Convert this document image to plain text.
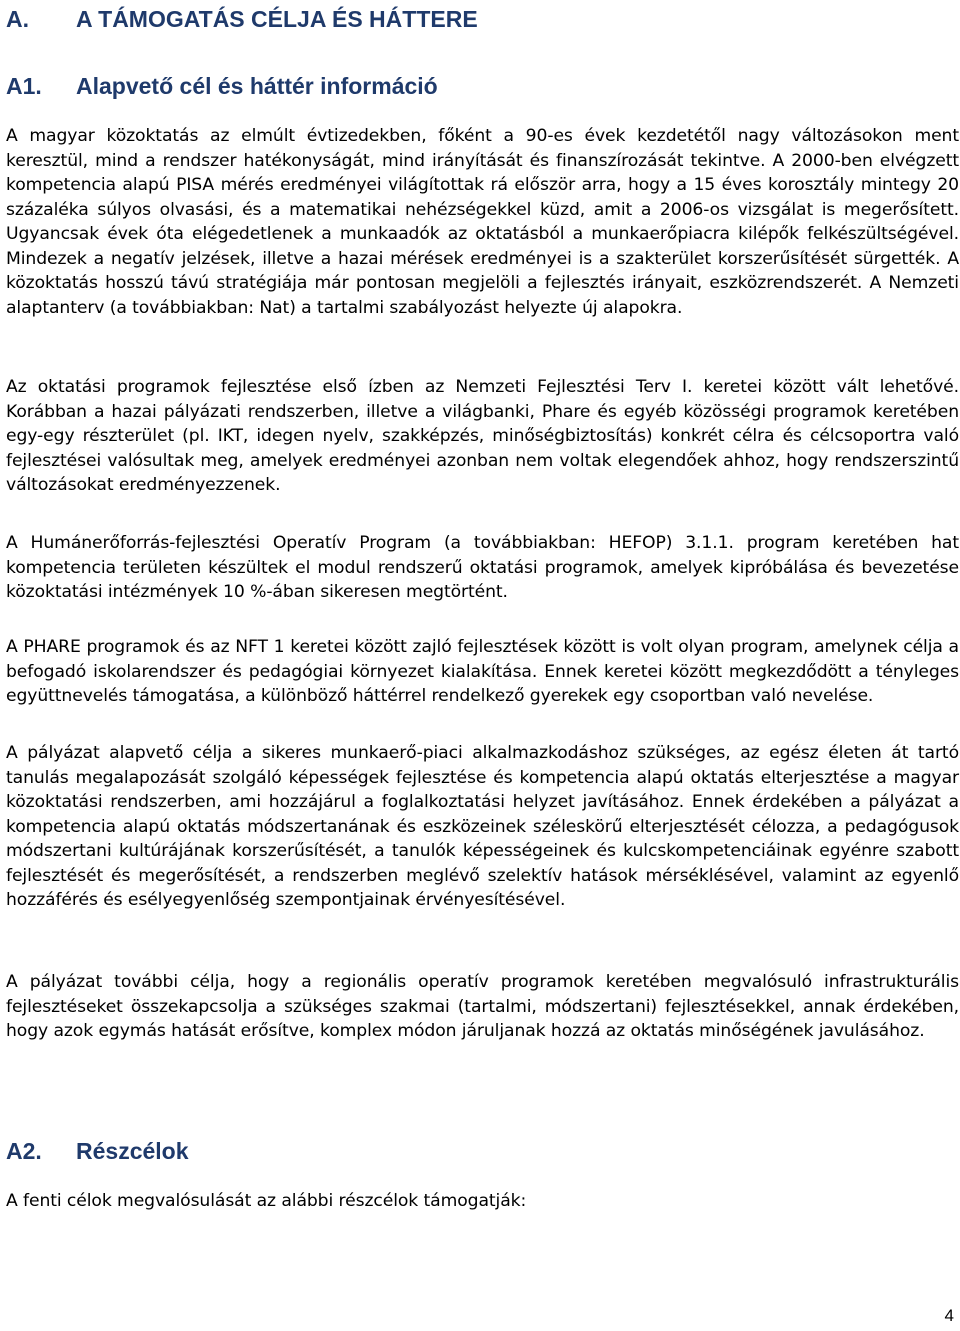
A. A TÁMOGATÁS CÉLJA ÉS HÁTTERE
A1. Alapvető cél és háttér információ

A magyar közoktatás az elmúlt évtizedekben, főként a 90-es évek kezdetétől nagy változásokon ment keresztül, mind a rendszer hatékonyságát, mind irányítását és finanszírozását tekintve. A 2000-ben elvégzett kompetencia alapú PISA mérés eredményei világítottak rá először arra, hogy a 15 éves korosztály mintegy 20 százaléka súlyos olvasási, és a matematikai nehézségekkel küzd, amit a 2006-os vizsgálat is megerősített. Ugyancsak évek óta elégedetlenek a munkaadók az oktatásból a munkaerőpiacra kilépők felkészültségével. Mindezek a negatív jelzések, illetve a hazai mérések eredményei is a szakterület korszerűsítését sürgették. A közoktatás hosszú távú stratégiája már pontosan megjelöli a fejlesztés irányait, eszközrendszerét. A Nemzeti alaptanterv (a továbbiakban: Nat) a tartalmi szabályozást helyezte új alapokra.

Az oktatási programok fejlesztése első ízben az Nemzeti Fejlesztési Terv I. keretei között vált lehetővé. Korábban a hazai pályázati rendszerben, illetve a világbanki, Phare és egyéb közösségi programok keretében egy-egy részterület (pl. IKT, idegen nyelv, szakképzés, minőségbiztosítás) konkrét célra és célcsoportra való fejlesztései valósultak meg, amelyek eredményei azonban nem voltak elegendőek ahhoz, hogy rendszerszintű változásokat eredményezzenek.

A Humánerőforrás-fejlesztési Operatív Program (a továbbiakban: HEFOP) 3.1.1. program keretében hat kompetencia területen készültek el modul rendszerű oktatási programok, amelyek kipróbálása és bevezetése közoktatási intézmények 10 %-ában sikeresen megtörtént.

A PHARE programok és az NFT 1 keretei között zajló fejlesztések között is volt olyan program, amelynek célja a befogadó iskolarendszer és pedagógiai környezet kialakítása. Ennek keretei között megkezdődött a tényleges együttnevelés támogatása, a különböző háttérrel rendelkező gyerekek egy csoportban való nevelése.

A pályázat alapvető célja a sikeres munkaerő-piaci alkalmazkodáshoz szükséges, az egész életen át tartó tanulás megalapozását szolgáló képességek fejlesztése és kompetencia alapú oktatás elterjesztése a magyar közoktatási rendszerben, ami hozzájárul a foglalkoztatási helyzet javításához. Ennek érdekében a pályázat a kompetencia alapú oktatás módszertanának és eszközeinek széleskörű elterjesztését célozza, a pedagógusok módszertani kultúrájának korszerűsítését, a tanulók képességeinek és kulcskompetenciáinak egyénre szabott fejlesztését és megerősítését, a rendszerben meglévő szelektív hatások mérséklésével, valamint az egyenlő hozzáférés és esélyegyenlőség szempontjainak érvényesítésével.

A pályázat további célja, hogy a regionális operatív programok keretében megvalósuló infrastrukturális fejlesztéseket összekapcsolja a szükséges szakmai (tartalmi, módszertani) fejlesztésekkel, annak érdekében, hogy azok egymás hatását erősítve, komplex módon járuljanak hozzá az oktatás minőségének javulásához.

A2. Részcélok

A fenti célok megvalósulását az alábbi részcélok támogatják:

4
